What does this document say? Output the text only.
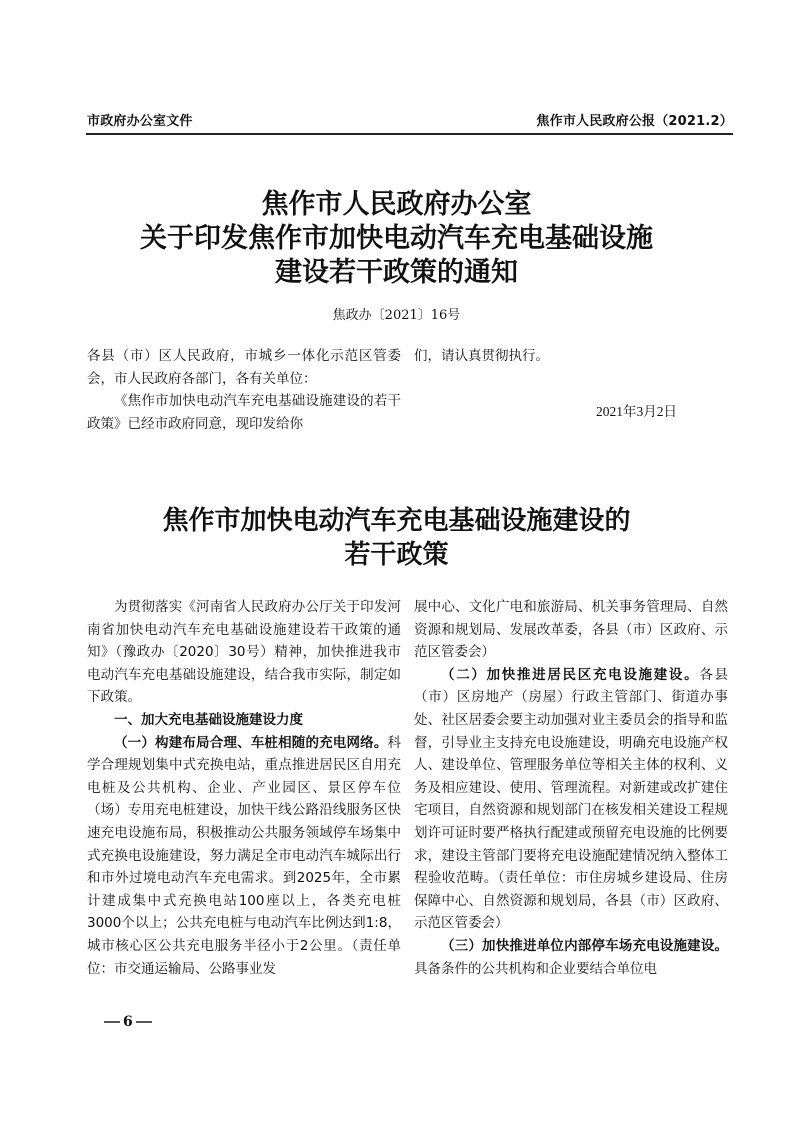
市政府办公室文件	焦作市人民政府公报（2021.2）
焦作市人民政府办公室
关于印发焦作市加快电动汽车充电基础设施
建设若干政策的通知
焦政办〔2021〕16号

各县（市）区人民政府，市城乡一体化示范区管委会，市人民政府各部门，各有关单位：

《焦作市加快电动汽车充电基础设施建设的若干政策》已经市政府同意，现印发给你

们，请认真贯彻执行。

2021年3月2日
焦作市加快电动汽车充电基础设施建设的
若干政策

为贯彻落实《河南省人民政府办公厅关于印发河南省加快电动汽车充电基础设施建设若干政策的通知》（豫政办〔2020〕30号）精神，加快推进我市电动汽车充电基础设施建设，结合我市实际，制定如下政策。

一、加大充电基础设施建设力度

（一）构建布局合理、车桩相随的充电网络。科学合理规划集中式充换电站，重点推进居民区自用充电桩及公共机构、企业、产业园区、景区停车位（场）专用充电桩建设，加快干线公路沿线服务区快速充电设施布局，积极推动公共服务领域停车场集中式充换电设施建设，努力满足全市电动汽车城际出行和市外过境电动汽车充电需求。到2025年，全市累计建成集中式充换电站100座以上，各类充电桩3000个以上；公共充电桩与电动汽车比例达到1:8，城市核心区公共充电服务半径小于2公里。（责任单位：市交通运输局、公路事业发

展中心、文化广电和旅游局、机关事务管理局、自然资源和规划局、发展改革委，各县（市）区政府、示范区管委会）

（二）加快推进居民区充电设施建设。各县（市）区房地产（房屋）行政主管部门、街道办事处、社区居委会要主动加强对业主委员会的指导和监督，引导业主支持充电设施建设，明确充电设施产权人、建设单位、管理服务单位等相关主体的权利、义务及相应建设、使用、管理流程。对新建或改扩建住宅项目，自然资源和规划部门在核发相关建设工程规划许可证时要严格执行配建或预留充电设施的比例要求，建设主管部门要将充电设施配建情况纳入整体工程验收范畴。（责任单位：市住房城乡建设局、住房保障中心、自然资源和规划局，各县（市）区政府、示范区管委会）

（三）加快推进单位内部停车场充电设施建设。具备条件的公共机构和企业要结合单位电

6
